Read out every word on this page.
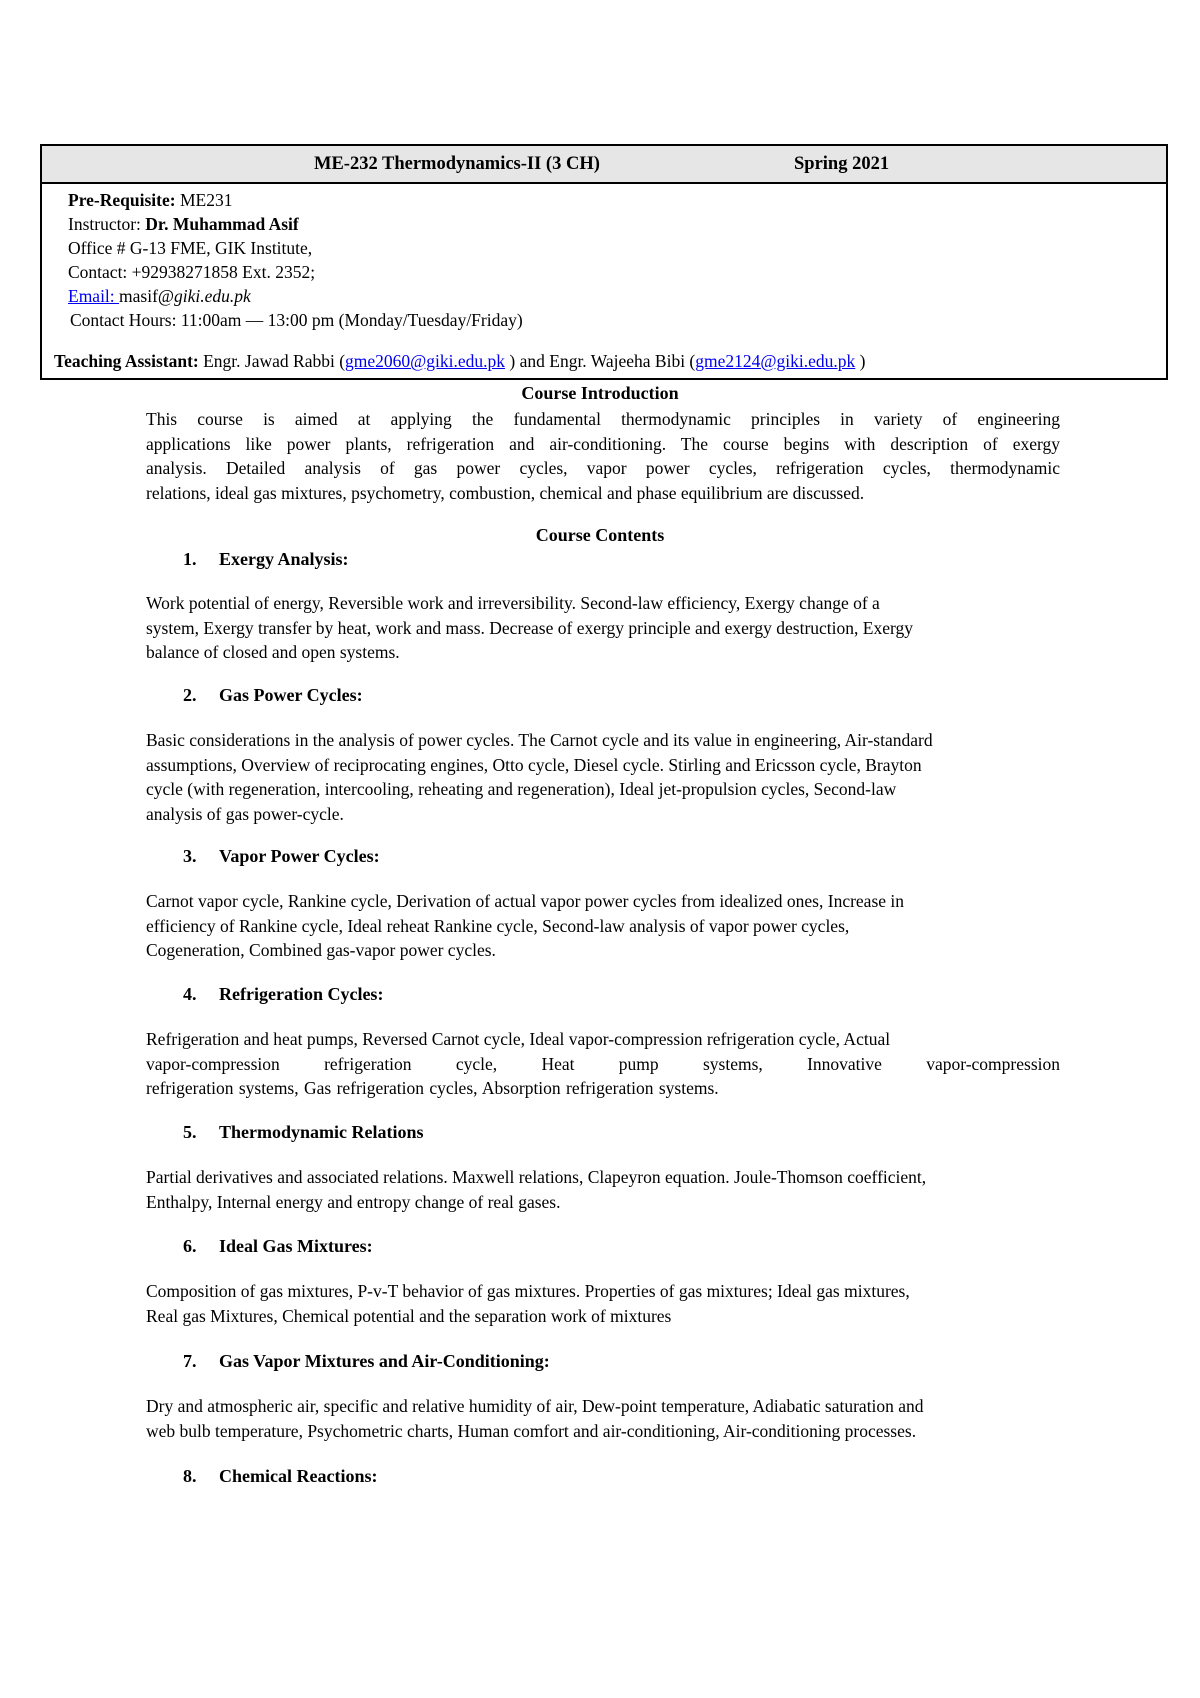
ME-232 Thermodynamics-II (3 CH)	Spring 2021
Pre-Requisite: ME231
Instructor: Dr. Muhammad Asif
Office # G-13 FME, GIK Institute,
Contact: +92938271858 Ext. 2352;
Email: masif@giki.edu.pk
Contact Hours: 11:00am — 13:00 pm (Monday/Tuesday/Friday)
Teaching Assistant: Engr. Jawad Rabbi (gme2060@giki.edu.pk ) and Engr. Wajeeha Bibi (gme2124@giki.edu.pk )
Course Introduction
This course is aimed at applying the fundamental thermodynamic principles in variety of engineering
applications like power plants, refrigeration and air-conditioning. The course begins with description of exergy
analysis. Detailed analysis of gas power cycles, vapor power cycles, refrigeration cycles, thermodynamic
relations, ideal gas mixtures, psychometry, combustion, chemical and phase equilibrium are discussed.
Course Contents
1. Exergy Analysis:
Work potential of energy, Reversible work and irreversibility. Second-law efficiency, Exergy change of a
system, Exergy transfer by heat, work and mass. Decrease of exergy principle and exergy destruction, Exergy
balance of closed and open systems.
2. Gas Power Cycles:
Basic considerations in the analysis of power cycles. The Carnot cycle and its value in engineering, Air-standard
assumptions, Overview of reciprocating engines, Otto cycle, Diesel cycle. Stirling and Ericsson cycle, Brayton
cycle (with regeneration, intercooling, reheating and regeneration), Ideal jet-propulsion cycles, Second-law
analysis of gas power-cycle.
3. Vapor Power Cycles:
Carnot vapor cycle, Rankine cycle, Derivation of actual vapor power cycles from idealized ones, Increase in
efficiency of Rankine cycle, Ideal reheat Rankine cycle, Second-law analysis of vapor power cycles,
Cogeneration, Combined gas-vapor power cycles.
4. Refrigeration Cycles:
Refrigeration and heat pumps, Reversed Carnot cycle, Ideal vapor-compression refrigeration cycle, Actual
vapor-compression refrigeration cycle, Heat pump systems, Innovative vapor-compression
refrigeration systems, Gas refrigeration cycles, Absorption refrigeration systems.
5. Thermodynamic Relations
Partial derivatives and associated relations. Maxwell relations, Clapeyron equation. Joule-Thomson coefficient,
Enthalpy, Internal energy and entropy change of real gases.
6. Ideal Gas Mixtures:
Composition of gas mixtures, P-v-T behavior of gas mixtures. Properties of gas mixtures; Ideal gas mixtures,
Real gas Mixtures, Chemical potential and the separation work of mixtures
7. Gas Vapor Mixtures and Air-Conditioning:
Dry and atmospheric air, specific and relative humidity of air, Dew-point temperature, Adiabatic saturation and
web bulb temperature, Psychometric charts, Human comfort and air-conditioning, Air-conditioning processes.
8. Chemical Reactions:
